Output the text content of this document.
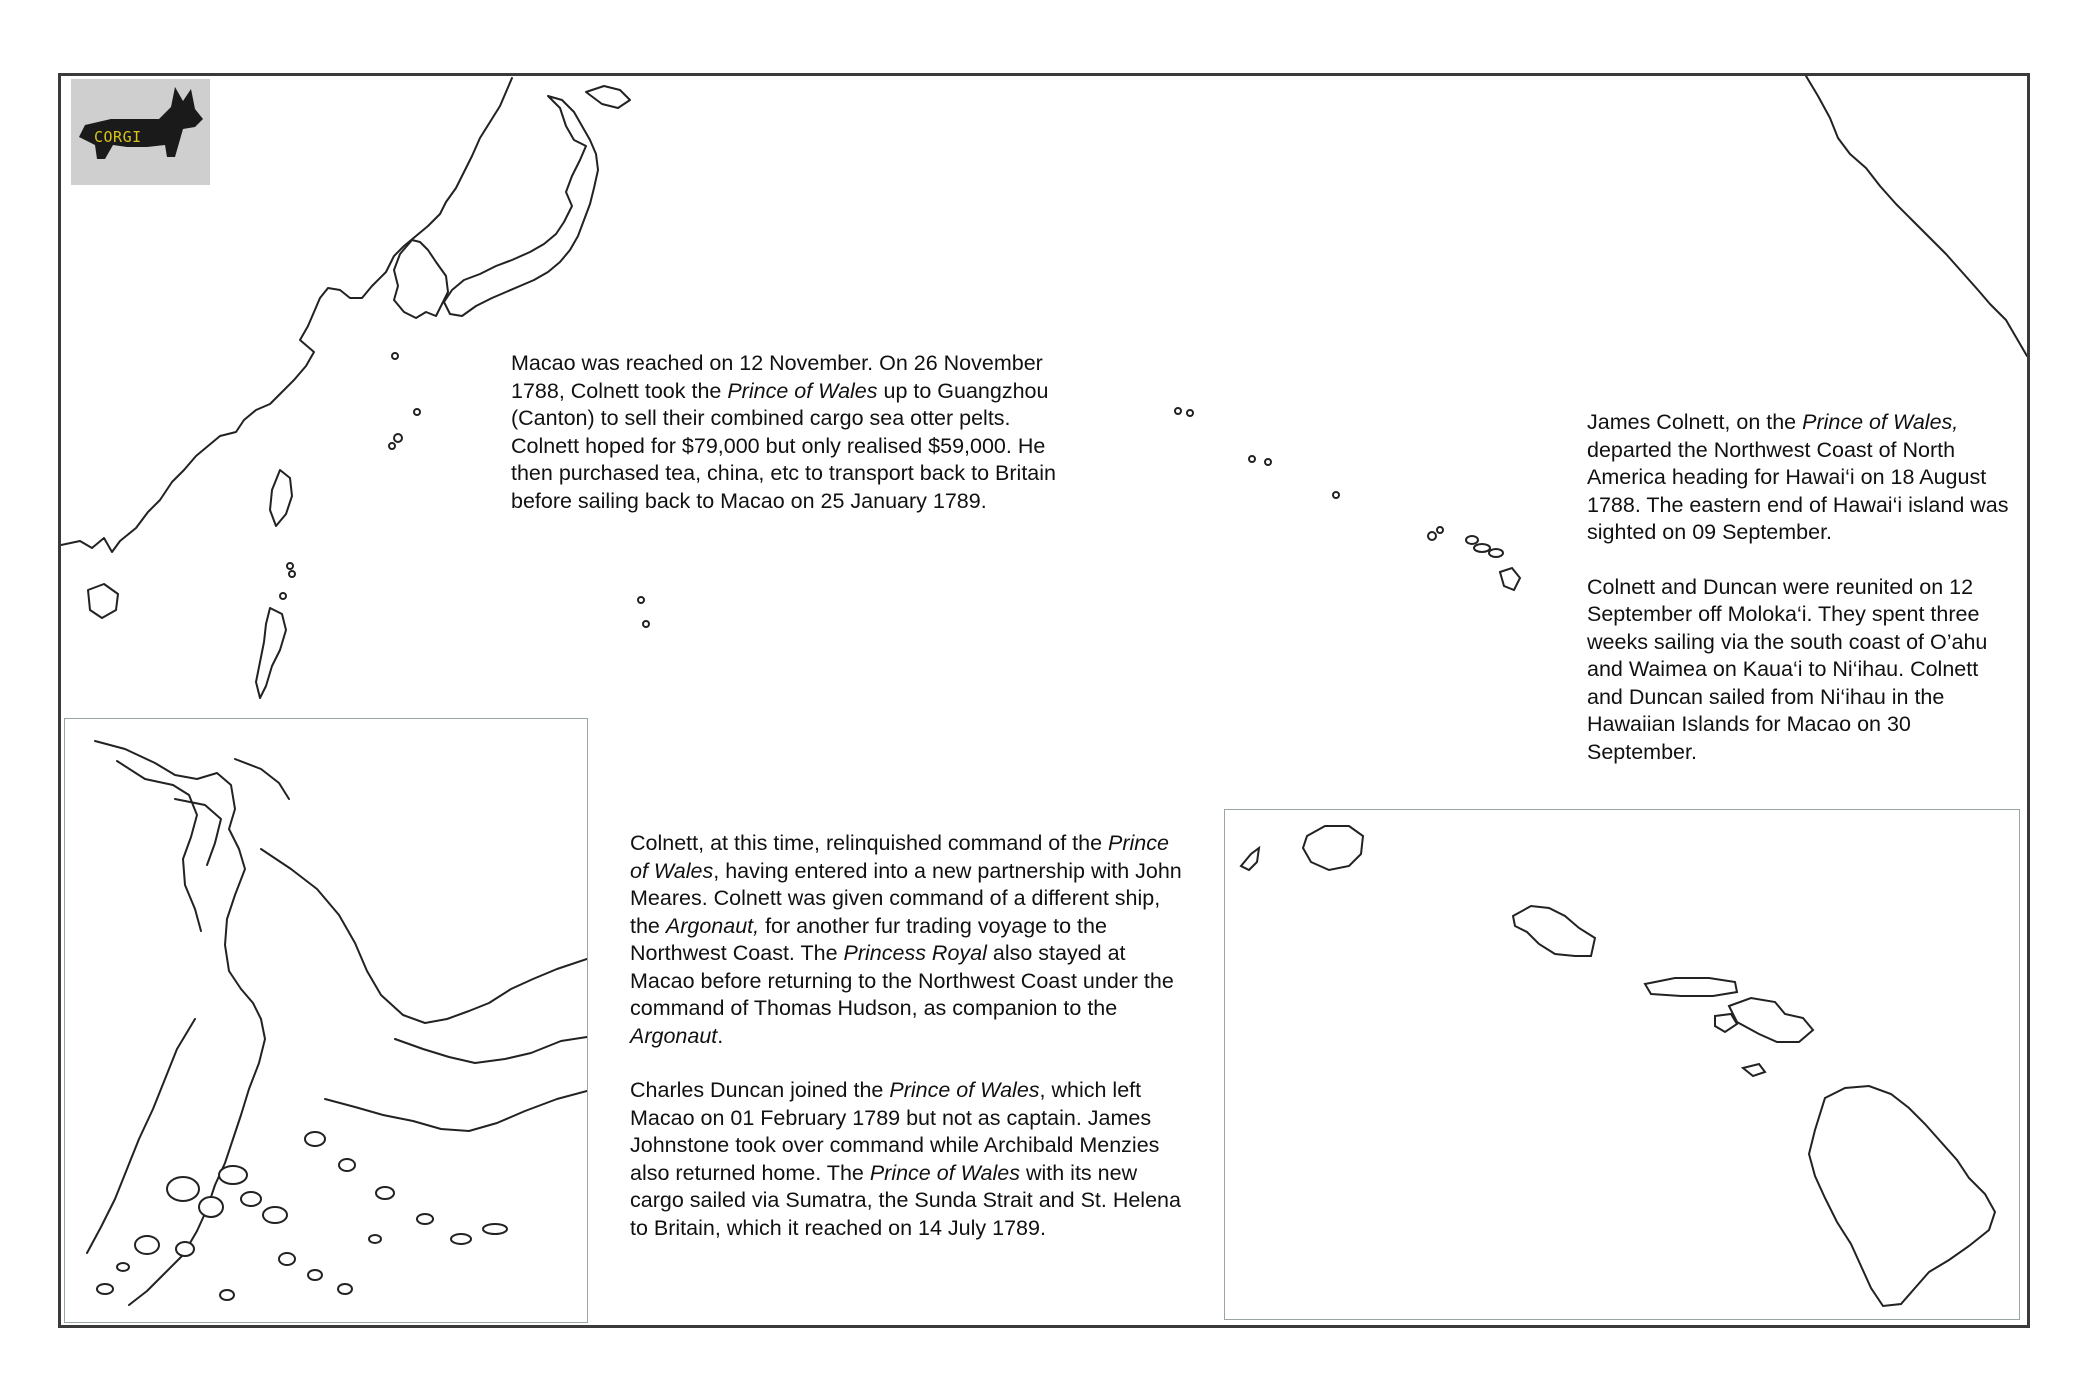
CORGI

Macao was reached on 12 November. On 26 November 1788, Colnett took the Prince of Wales up to Guangzhou (Canton) to sell their combined cargo sea otter pelts. Colnett hoped for $79,000 but only realised $59,000. He then purchased tea, china, etc to transport back to Britain before sailing back to Macao on 25 January 1789.

James Colnett, on the Prince of Wales, departed the Northwest Coast of North America heading for Hawai‘i on 18 August 1788. The eastern end of Hawai‘i island was sighted on 09 September.

Colnett and Duncan were reunited on 12 September off Moloka‘i. They spent three weeks sailing via the south coast of O’ahu and Waimea on Kaua‘i to Ni‘ihau. Colnett and Duncan sailed from Ni‘ihau in the Hawaiian Islands for Macao on 30 September.

Colnett, at this time, relinquished command of the Prince of Wales, having entered into a new partnership with John Meares. Colnett was given command of a different ship, the Argonaut, for another fur trading voyage to the Northwest Coast. The Princess Royal also stayed at Macao before returning to the Northwest Coast under the command of Thomas Hudson, as companion to the Argonaut.

Charles Duncan joined the Prince of Wales, which left Macao on 01 February 1789 but not as captain. James Johnstone took over command while Archibald Menzies also returned home. The Prince of Wales with its new cargo sailed via Sumatra, the Sunda Strait and St. Helena to Britain, which it reached on 14 July 1789.
